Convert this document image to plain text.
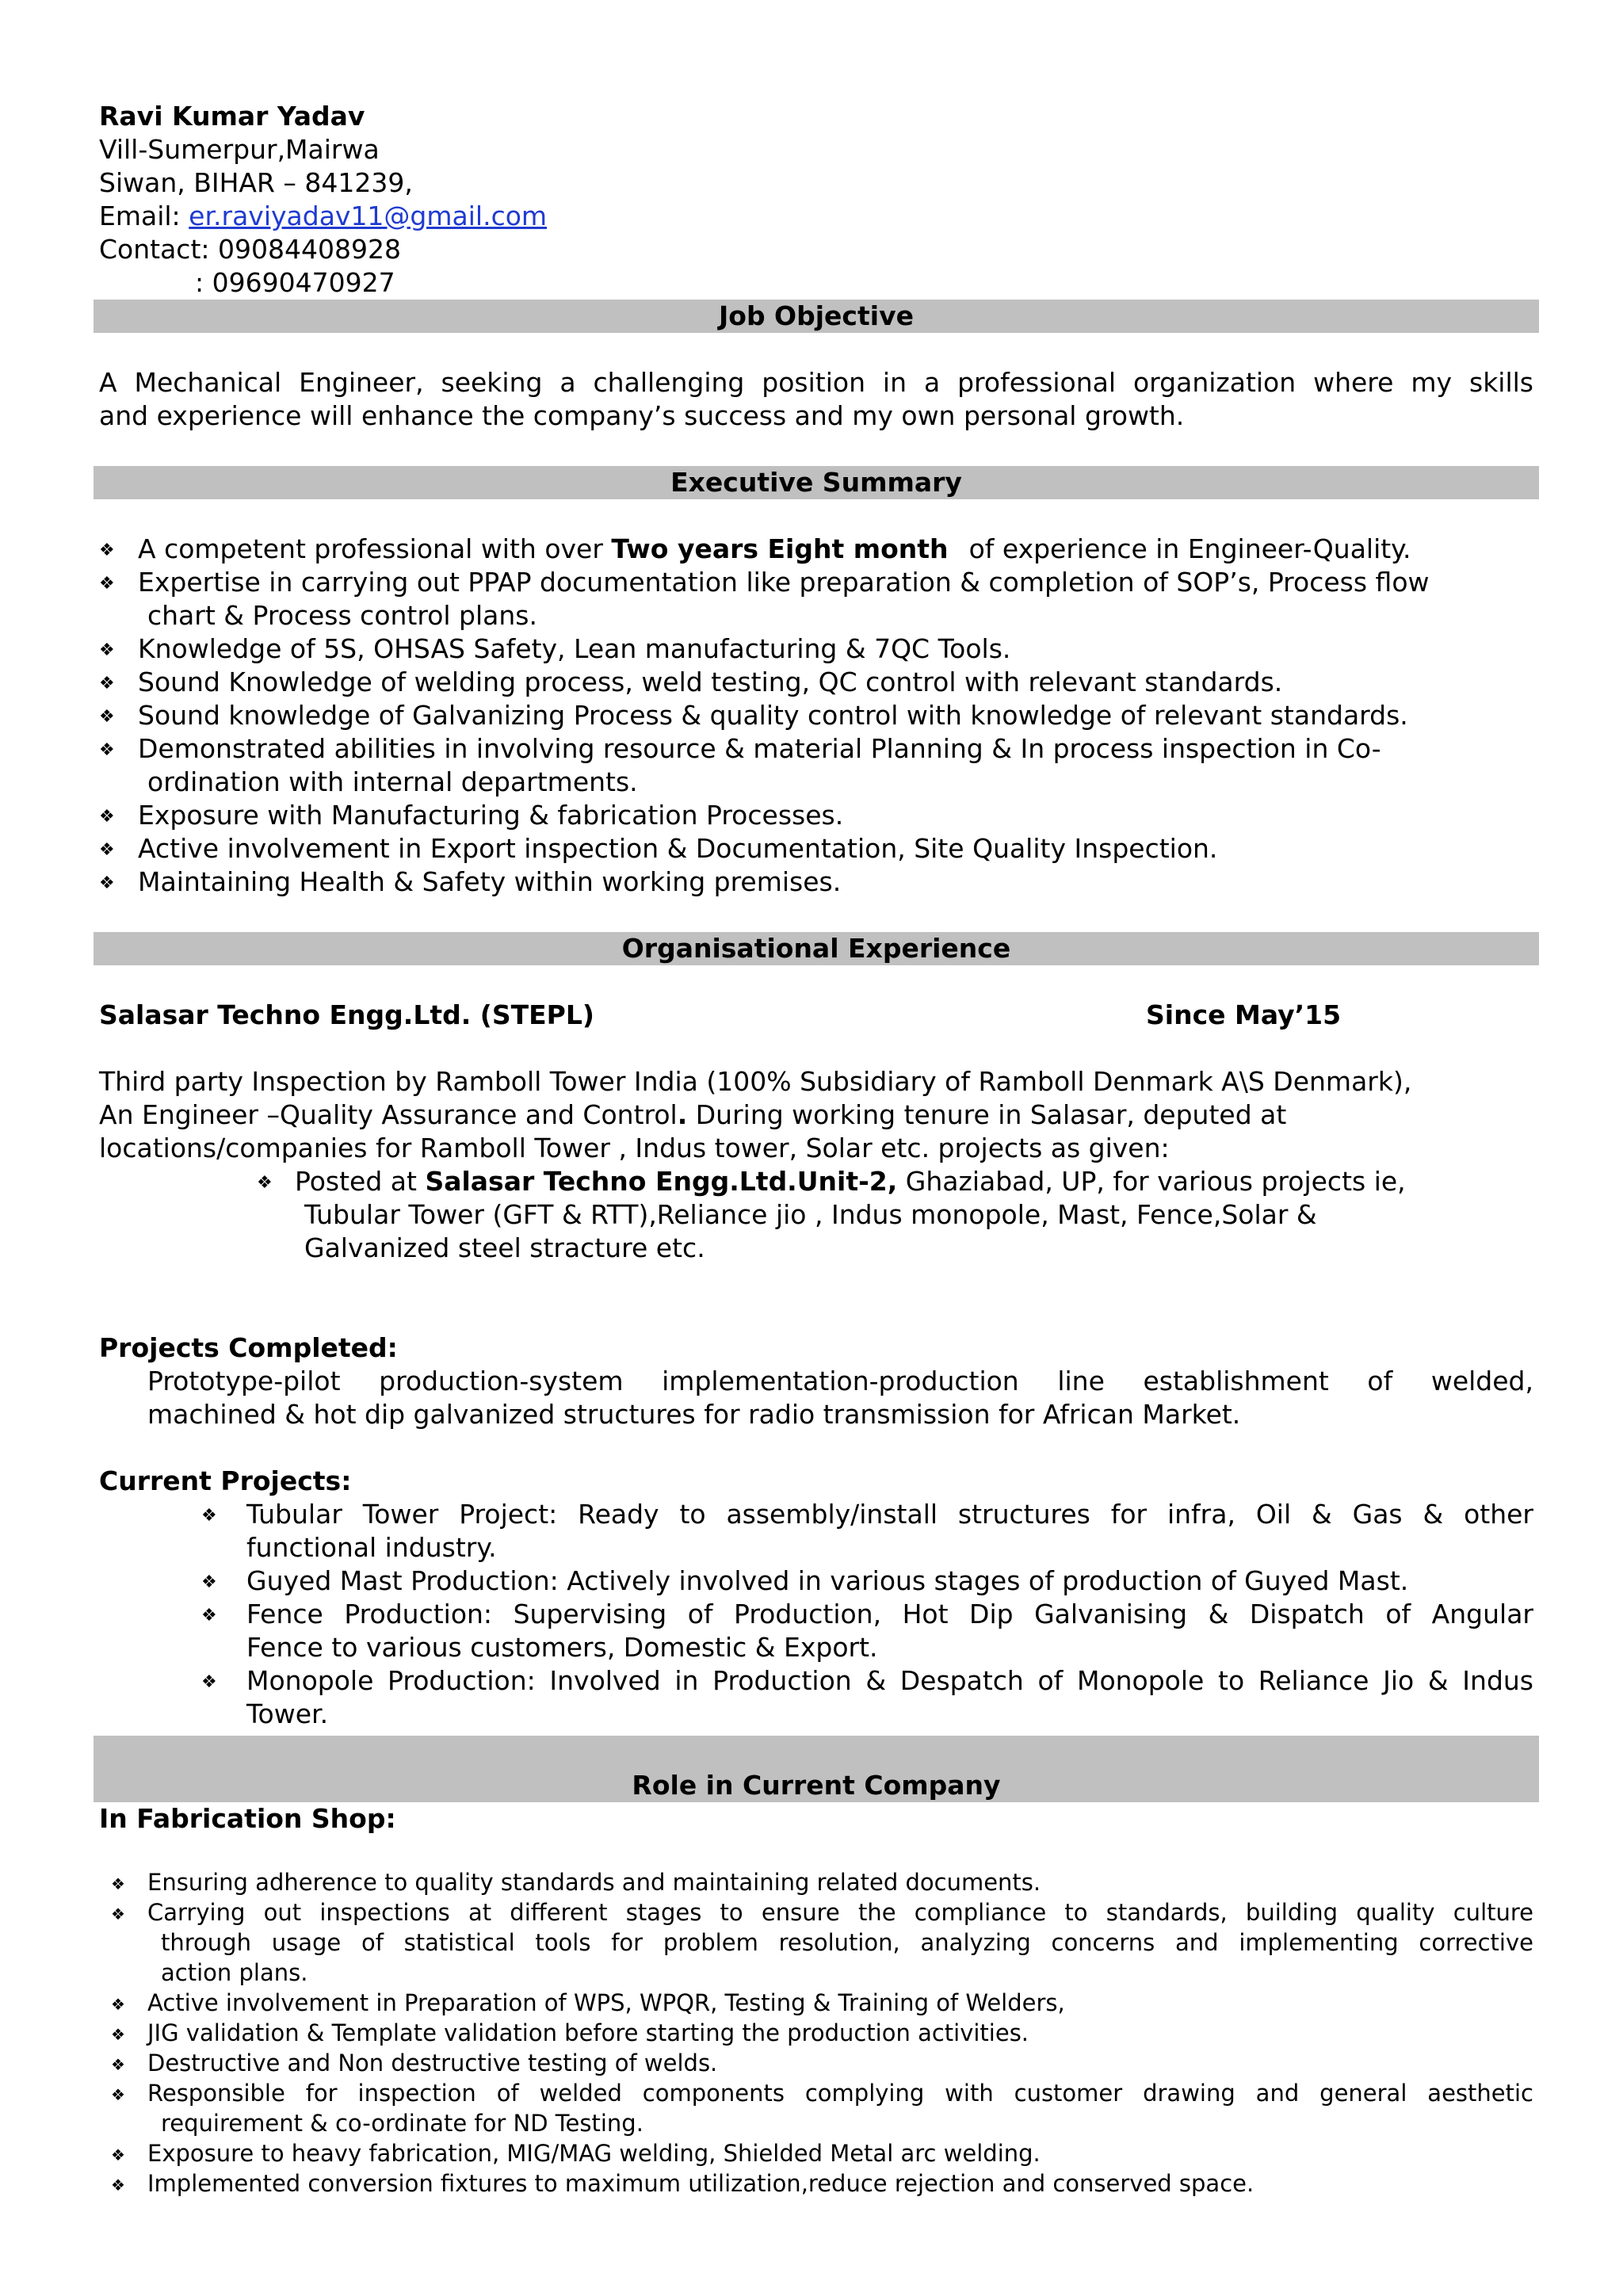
Ravi Kumar Yadav
Vill-Sumerpur,Mairwa
Siwan, BIHAR – 841239,
Email: er.raviyadav11@gmail.com
Contact: 09084408928
: 09690470927
Job Objective
A Mechanical Engineer, seeking a challenging position in a professional organization where my skills
and experience will enhance the company’s success and my own personal growth.
Executive Summary
❖ A competent professional with over Two years Eight month of experience in Engineer-Quality.
❖ Expertise in carrying out PPAP documentation like preparation & completion of SOP’s, Process flow
chart & Process control plans.
❖ Knowledge of 5S, OHSAS Safety, Lean manufacturing & 7QC Tools.
❖ Sound Knowledge of welding process, weld testing, QC control with relevant standards.
❖ Sound knowledge of Galvanizing Process & quality control with knowledge of relevant standards.
❖ Demonstrated abilities in involving resource & material Planning & In process inspection in Co-
ordination with internal departments.
❖ Exposure with Manufacturing & fabrication Processes.
❖ Active involvement in Export inspection & Documentation, Site Quality Inspection.
❖ Maintaining Health & Safety within working premises.
Organisational Experience
Salasar Techno Engg.Ltd. (STEPL)	Since May’15
Third party Inspection by Ramboll Tower India (100% Subsidiary of Ramboll Denmark A\S Denmark),
An Engineer –Quality Assurance and Control. During working tenure in Salasar, deputed at
locations/companies for Ramboll Tower , Indus tower, Solar etc. projects as given:
❖ Posted at Salasar Techno Engg.Ltd.Unit-2, Ghaziabad, UP, for various projects ie,
Tubular Tower (GFT & RTT),Reliance jio , Indus monopole, Mast, Fence,Solar &
Galvanized steel stracture etc.
Projects Completed:
Prototype-pilot production-system implementation-production line establishment of welded,
machined & hot dip galvanized structures for radio transmission for African Market.
Current Projects:
❖ Tubular Tower Project: Ready to assembly/install structures for infra, Oil & Gas & other
functional industry.
❖ Guyed Mast Production: Actively involved in various stages of production of Guyed Mast.
❖ Fence Production: Supervising of Production, Hot Dip Galvanising & Dispatch of Angular
Fence to various customers, Domestic & Export.
❖ Monopole Production: Involved in Production & Despatch of Monopole to Reliance Jio & Indus
Tower.
Role in Current Company
In Fabrication Shop:
❖ Ensuring adherence to quality standards and maintaining related documents.
❖ Carrying out inspections at different stages to ensure the compliance to standards, building quality culture
through usage of statistical tools for problem resolution, analyzing concerns and implementing corrective
action plans.
❖ Active involvement in Preparation of WPS, WPQR, Testing & Training of Welders,
❖ JIG validation & Template validation before starting the production activities.
❖ Destructive and Non destructive testing of welds.
❖ Responsible for inspection of welded components complying with customer drawing and general aesthetic
requirement & co-ordinate for ND Testing.
❖ Exposure to heavy fabrication, MIG/MAG welding, Shielded Metal arc welding.
❖ Implemented conversion fixtures to maximum utilization,reduce rejection and conserved space.
